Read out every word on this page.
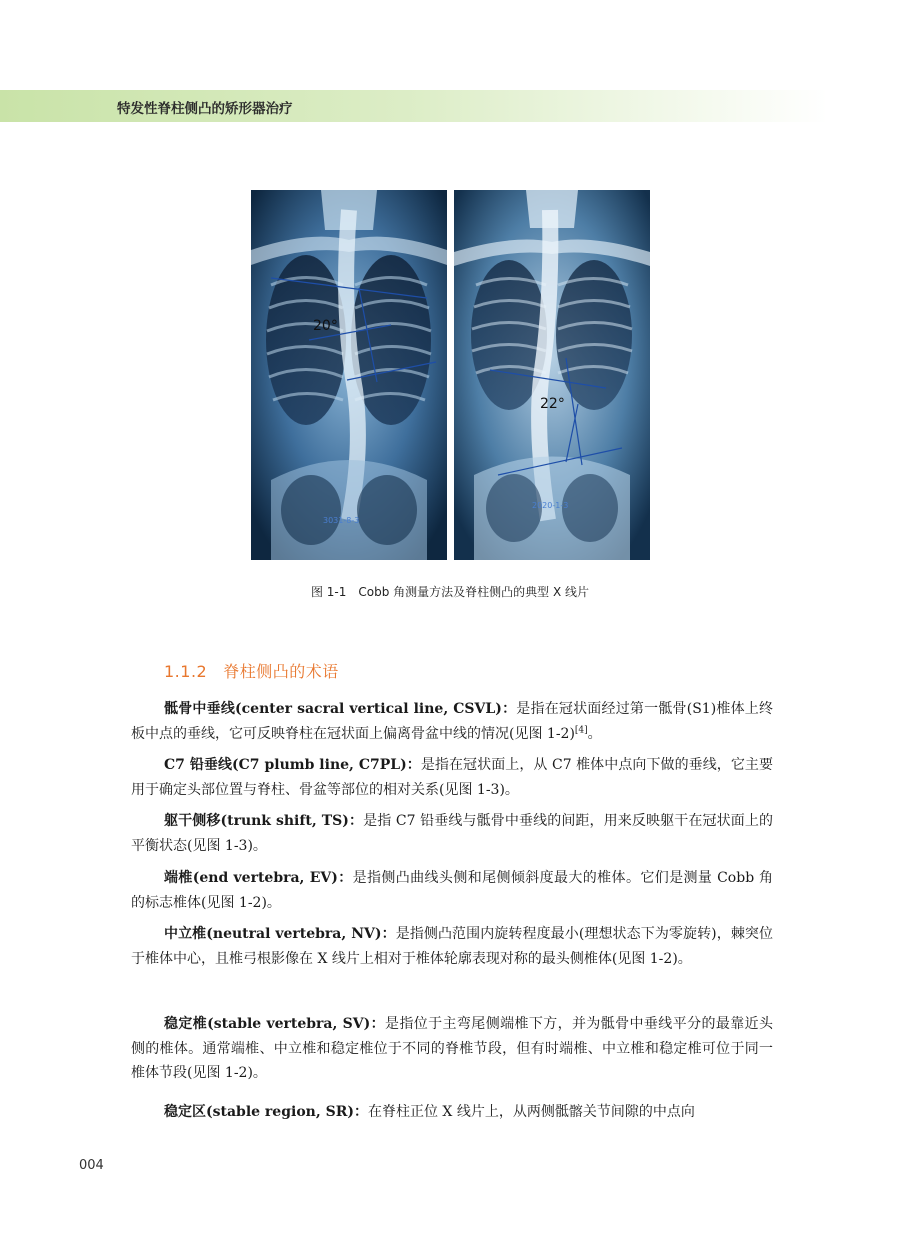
特发性脊柱侧凸的矫形器治疗
3031-8-3
20°
2020-1-3
22°
图 1-1　Cobb 角测量方法及脊柱侧凸的典型 X 线片
1.1.2 脊柱侧凸的术语
骶骨中垂线(center sacral vertical line, CSVL)：是指在冠状面经过第一骶骨(S1)椎体上终板中点的垂线，它可反映脊柱在冠状面上偏离骨盆中线的情况(见图 1-2)[4]。
C7 铅垂线(C7 plumb line, C7PL)：是指在冠状面上，从 C7 椎体中点向下做的垂线，它主要用于确定头部位置与脊柱、骨盆等部位的相对关系(见图 1-3)。
躯干侧移(trunk shift, TS)：是指 C7 铅垂线与骶骨中垂线的间距，用来反映躯干在冠状面上的平衡状态(见图 1-3)。
端椎(end vertebra, EV)：是指侧凸曲线头侧和尾侧倾斜度最大的椎体。它们是测量 Cobb 角的标志椎体(见图 1-2)。
中立椎(neutral vertebra, NV)：是指侧凸范围内旋转程度最小(理想状态下为零旋转)，棘突位于椎体中心，且椎弓根影像在 X 线片上相对于椎体轮廓表现对称的最头侧椎体(见图 1-2)。
稳定椎(stable vertebra, SV)：是指位于主弯尾侧端椎下方，并为骶骨中垂线平分的最靠近头侧的椎体。通常端椎、中立椎和稳定椎位于不同的脊椎节段，但有时端椎、中立椎和稳定椎可位于同一椎体节段(见图 1-2)。
稳定区(stable region, SR)：在脊柱正位 X 线片上，从两侧骶髂关节间隙的中点向
004
